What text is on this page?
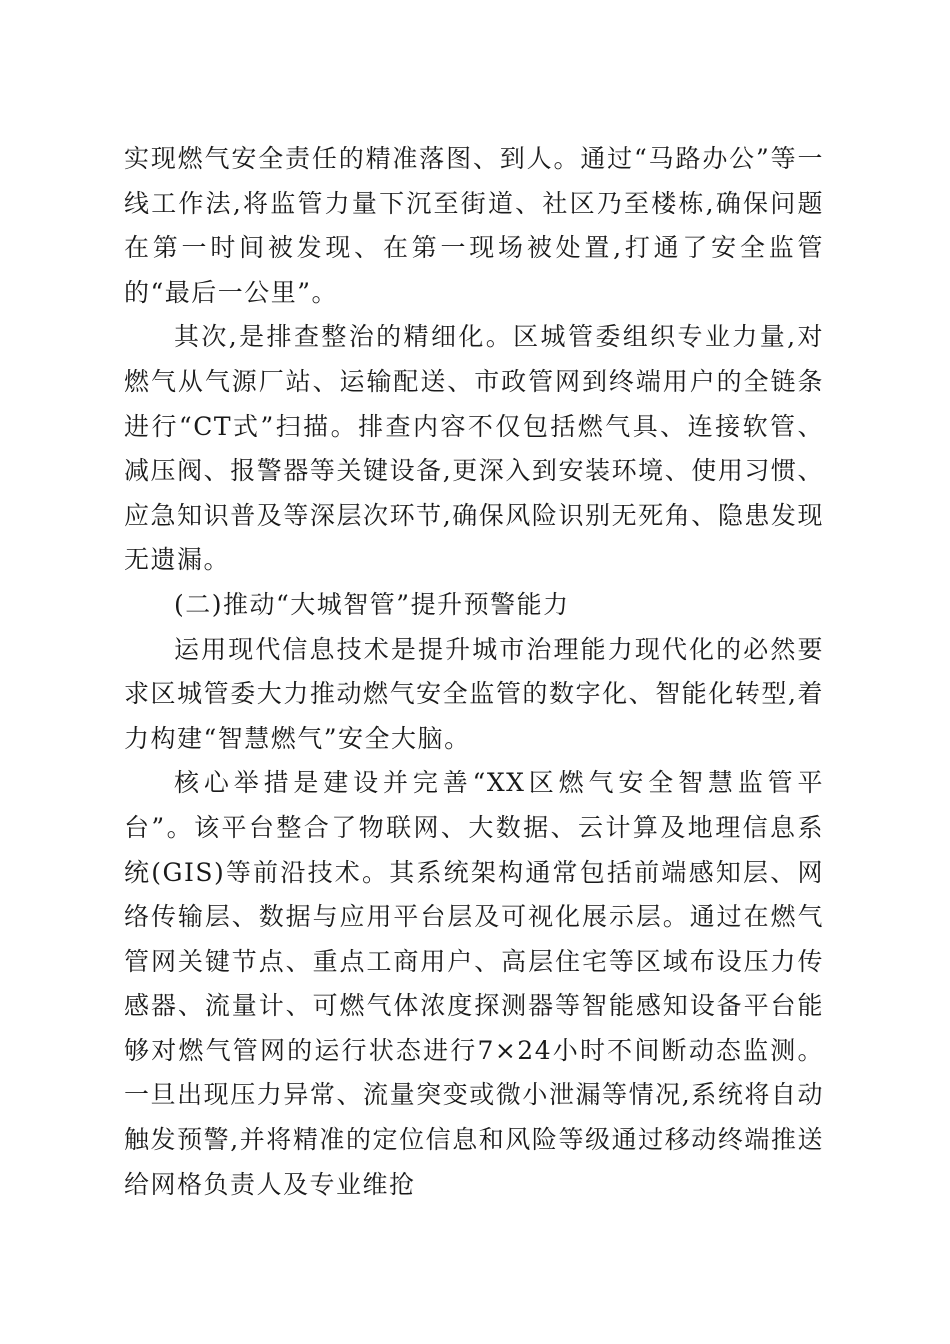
实现燃气安全责任的精准落图、到人。通过“马路办公”等一线工作法,将监管力量下沉至街道、社区乃至楼栋,确保问题在第一时间被发现、在第一现场被处置,打通了安全监管的“最后一公里”。

其次,是排查整治的精细化。区城管委组织专业力量,对燃气从气源厂站、运输配送、市政管网到终端用户的全链条进行“CT式”扫描。排查内容不仅包括燃气具、连接软管、减压阀、报警器等关键设备,更深入到安装环境、使用习惯、应急知识普及等深层次环节,确保风险识别无死角、隐患发现无遗漏。

(二)推动“大城智管”提升预警能力

运用现代信息技术是提升城市治理能力现代化的必然要求区城管委大力推动燃气安全监管的数字化、智能化转型,着力构建“智慧燃气”安全大脑。

核心举措是建设并完善“XX区燃气安全智慧监管平台”。该平台整合了物联网、大数据、云计算及地理信息系统(GIS)等前沿技术。其系统架构通常包括前端感知层、网络传输层、数据与应用平台层及可视化展示层。通过在燃气管网关键节点、重点工商用户、高层住宅等区域布设压力传感器、流量计、可燃气体浓度探测器等智能感知设备平台能够对燃气管网的运行状态进行7×24小时不间断动态监测。一旦出现压力异常、流量突变或微小泄漏等情况,系统将自动触发预警,并将精准的定位信息和风险等级通过移动终端推送给网格负责人及专业维抢
